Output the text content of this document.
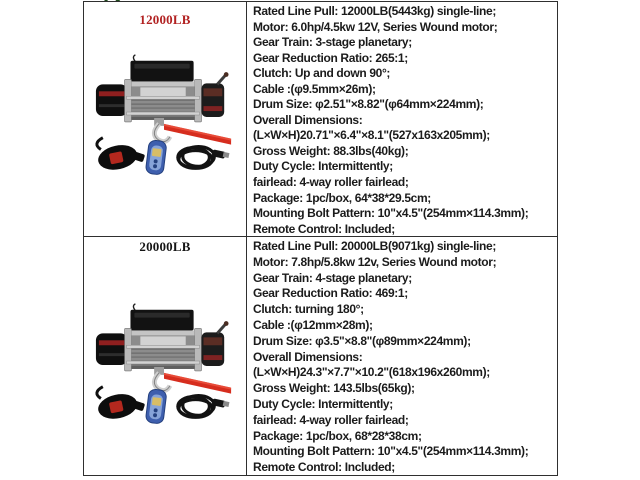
12000LB
Rated Line Pull: 12000LB(5443kg) single-line;
Motor: 6.0hp/4.5kw 12V, Series Wound motor;
Gear Train: 3-stage planetary;
Gear Reduction Ratio: 265:1;
Clutch: Up and down 90°;
Cable :(φ9.5mm×26m);
Drum Size: φ2.51"×8.82"(φ64mm×224mm);
Overall Dimensions:
(L×W×H)20.71"×6.4"×8.1"(527x163x205mm);
Gross Weight: 88.3lbs(40kg);
Duty Cycle: Intermittently;
fairlead: 4-way roller fairlead;
Package: 1pc/box, 64*38*29.5cm;
Mounting Bolt Pattern: 10"x4.5"(254mm×114.3mm);
Remote Control: Included;
20000LB	Rated Line Pull: 20000LB(9071kg) single-line;
Motor: 7.8hp/5.8kw 12v, Series Wound motor;
Gear Train: 4-stage planetary;
Gear Reduction Ratio: 469:1;
Clutch: turning 180°;
Cable :(φ12mm×28m);
Drum Size: φ3.5"×8.8"(φ89mm×224mm);
Overall Dimensions:
(L×W×H)24.3"×7.7"×10.2"(618x196x260mm);
Gross Weight: 143.5lbs(65kg);
Duty Cycle: Intermittently;
fairlead: 4-way roller fairlead;
Package: 1pc/box, 68*28*38cm;
Mounting Bolt Pattern: 10"x4.5"(254mm×114.3mm);
Remote Control: Included;
